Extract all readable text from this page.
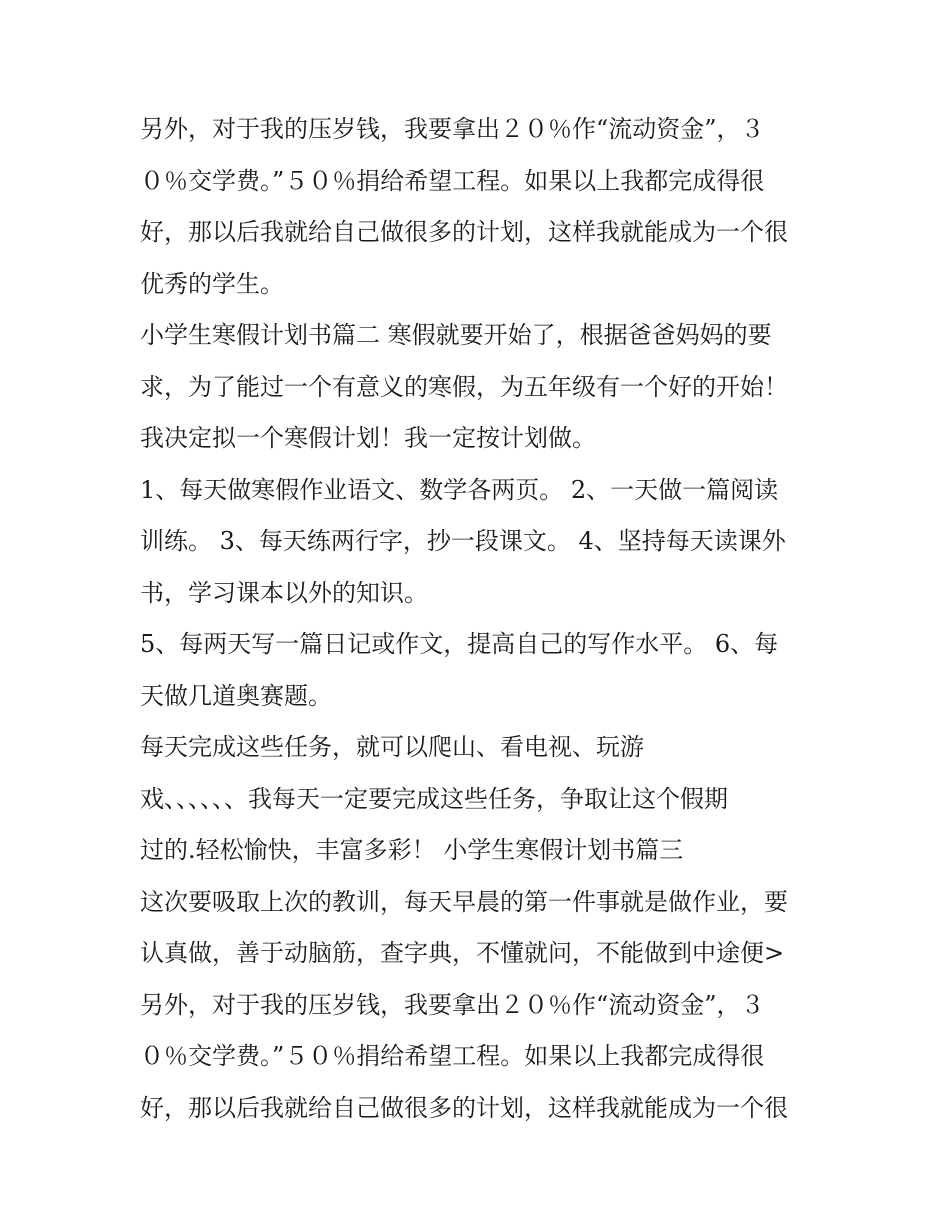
另外，对于我的压岁钱，我要拿出２０％作“流动资金”，３
０％交学费。”５０％捐给希望工程。如果以上我都完成得很
好，那以后我就给自己做很多的计划，这样我就能成为一个很
优秀的学生。
小学生寒假计划书篇二 寒假就要开始了，根据爸爸妈妈的要
求，为了能过一个有意义的寒假，为五年级有一个好的开始！
我决定拟一个寒假计划！我一定按计划做。
1、每天做寒假作业语文、数学各两页。 2、一天做一篇阅读
训练。 3、每天练两行字，抄一段课文。 4、坚持每天读课外
书，学习课本以外的知识。
5、每两天写一篇日记或作文，提高自己的写作水平。 6、每
天做几道奥赛题。
每天完成这些任务，就可以爬山、看电视、玩游
戏、、、、、、我每天一定要完成这些任务，争取让这个假期
过的.轻松愉快，丰富多彩！ 小学生寒假计划书篇三
这次要吸取上次的教训，每天早晨的第一件事就是做作业，要
认真做，善于动脑筋，查字典，不懂就问，不能做到中途便>
另外，对于我的压岁钱，我要拿出２０％作“流动资金”，３
０％交学费。”５０％捐给希望工程。如果以上我都完成得很
好，那以后我就给自己做很多的计划，这样我就能成为一个很
